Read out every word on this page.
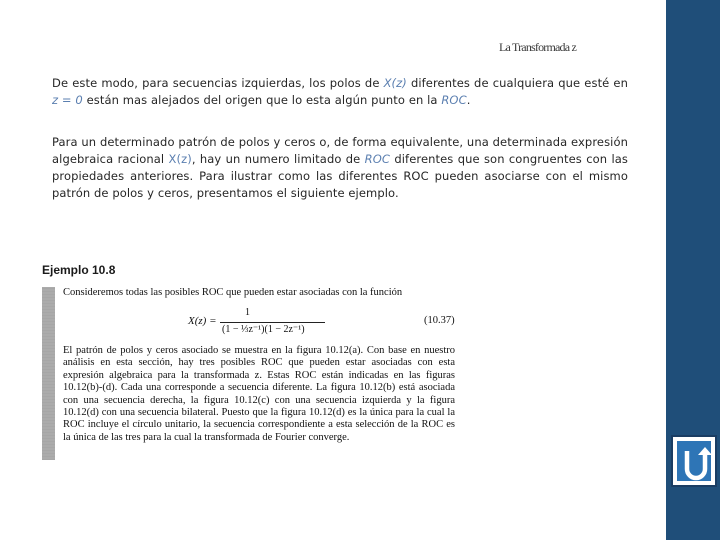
La Transformada z

De este modo, para secuencias izquierdas, los polos de X(z) diferentes de cualquiera que esté en z = 0 están mas alejados del origen que lo esta algún punto en la ROC.

Para un determinado patrón de polos y ceros o, de forma equivalente, una determinada expresión algebraica racional X(z), hay un numero limitado de ROC diferentes que son congruentes con las propiedades anteriores. Para ilustrar como las diferentes ROC pueden asociarse con el mismo patrón de polos y ceros, presentamos el siguiente ejemplo.

Ejemplo 10.8
Consideremos todas las posibles ROC que pueden estar asociadas con la función
X(z) =
1
(1 − ⅓z⁻¹)(1 − 2z⁻¹)
(10.37)
El patrón de polos y ceros asociado se muestra en la figura 10.12(a). Con base en nuestro análisis en esta sección, hay tres posibles ROC que pueden estar asociadas con esta expresión algebraica para la transformada z. Estas ROC están indicadas en las figuras 10.12(b)-(d). Cada una corresponde a secuencia diferente. La figura 10.12(b) está asociada con una secuencia derecha, la figura 10.12(c) con una secuencia izquierda y la figura 10.12(d) con una secuencia bilateral. Puesto que la figura 10.12(d) es la única para la cual la ROC incluye el círculo unitario, la secuencia correspondiente a esta selección de la ROC es la única de las tres para la cual la transformada de Fourier converge.
